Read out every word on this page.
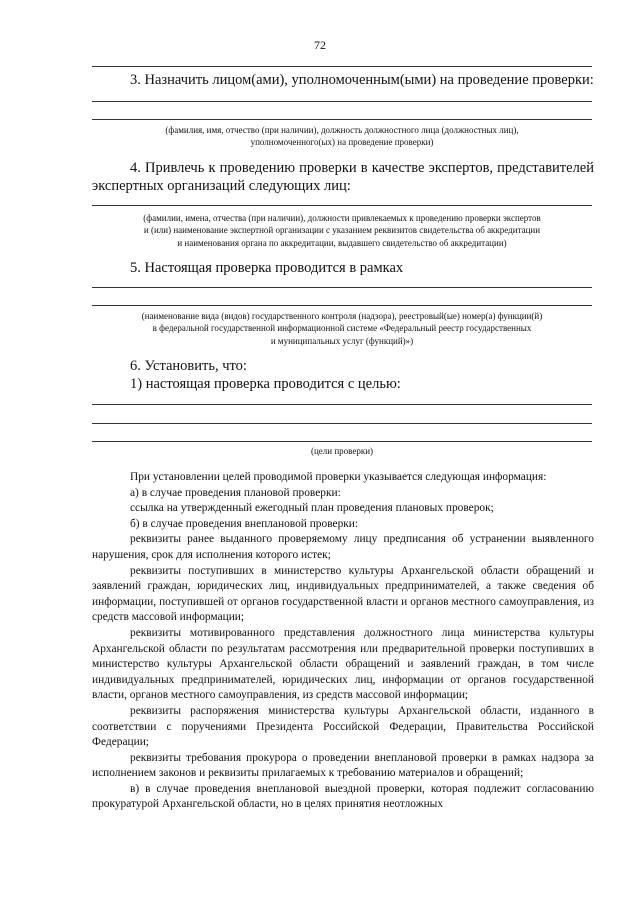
72
3. Назначить лицом(ами), уполномоченным(ыми) на проведение проверки:
(фамилия, имя, отчество (при наличии), должность должностного лица (должностных лиц),
уполномоченного(ых) на проведение проверки)
4. Привлечь к проведению проверки в качестве экспертов, представителей экспертных организаций следующих лиц:
(фамилии, имена, отчества (при наличии), должности привлекаемых к проведению проверки экспертов
и (или) наименование экспертной организации с указанием реквизитов свидетельства об аккредитации
и наименования органа по аккредитации, выдавшего свидетельство об аккредитации)
5. Настоящая проверка проводится в рамках
(наименование вида (видов) государственного контроля (надзора), реестровый(ые) номер(а) функции(й)
в федеральной государственной информационной системе «Федеральный реестр государственных
и муниципальных услуг (функций)»)
6. Установить, что:
1) настоящая проверка проводится с целью:
(цели проверки)

При установлении целей проводимой проверки указывается следующая информация:

а) в случае проведения плановой проверки:

ссылка на утвержденный ежегодный план проведения плановых проверок;

б) в случае проведения внеплановой проверки:

реквизиты ранее выданного проверяемому лицу предписания об устранении выявленного нарушения, срок для исполнения которого истек;

реквизиты поступивших в министерство культуры Архангельской области обращений и заявлений граждан, юридических лиц, индивидуальных предпринимателей, а также сведения об информации, поступившей от органов государственной власти и органов местного самоуправления, из средств массовой информации;

реквизиты мотивированного представления должностного лица министерства культуры Архангельской области по результатам рассмотрения или предварительной проверки поступивших в министерство культуры Архангельской области обращений и заявлений граждан, в том числе индивидуальных предпринимателей, юридических лиц, информации от органов государственной власти, органов местного самоуправления, из средств массовой информации;

реквизиты распоряжения министерства культуры Архангельской области, изданного в соответствии с поручениями Президента Российской Федерации, Правительства Российской Федерации;

реквизиты требования прокурора о проведении внеплановой проверки в рамках надзора за исполнением законов и реквизиты прилагаемых к требованию материалов и обращений;

в) в случае проведения внеплановой выездной проверки, которая подлежит согласованию прокуратурой Архангельской области, но в целях принятия неотложных
